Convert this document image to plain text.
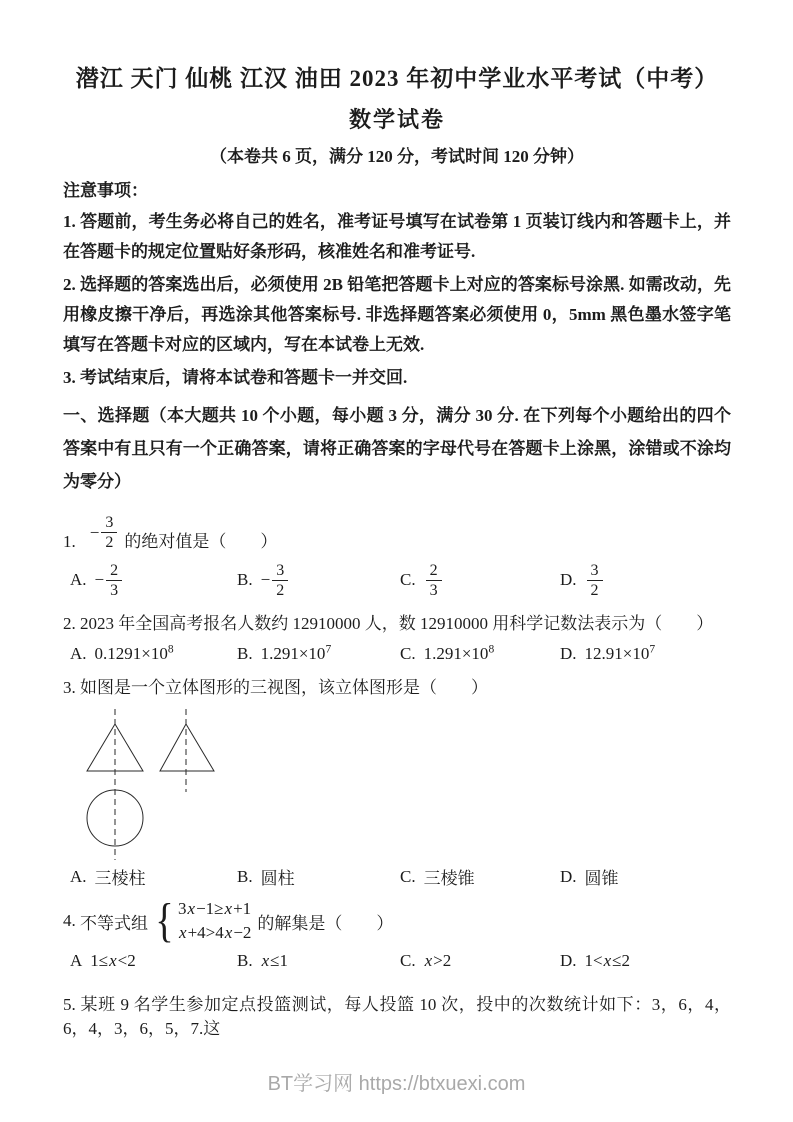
潜江 天门 仙桃 江汉 油田 2023 年初中学业水平考试（中考）
数学试卷
（本卷共 6 页，满分 120 分，考试时间 120 分钟）
注意事项：

1. 答题前，考生务必将自己的姓名，准考证号填写在试卷第 1 页装订线内和答题卡上，并在答题卡的规定位置贴好条形码，核准姓名和准考证号.

2. 选择题的答案选出后，必须使用 2B 铅笔把答题卡上对应的答案标号涂黑. 如需改动，先用橡皮擦干净后，再选涂其他答案标号. 非选择题答案必须使用 0，5mm 黑色墨水签字笔填写在答题卡对应的区域内，写在本试卷上无效.

3. 考试结束后，请将本试卷和答题卡一并交回.

一、选择题（本大题共 10 个小题，每小题 3 分，满分 30 分. 在下列每个小题给出的四个答案中有且只有一个正确答案，请将正确答案的字母代号在答题卡上涂黑，涂错或不涂均为零分）

1. − $\frac{3}{2}$ 的绝对值是（　　）
A. − $\frac{2}{3}$	B. − $\frac{3}{2}$	C. $\frac{2}{3}$	D. $\frac{3}{2}$

2. 2023 年全国高考报名人数约 12910000 人，数 12910000 用科学记数法表示为（　　）

A. $0.1291\times 10^8$	B. $1.291\times 10^7$	C. $1.291\times 10^8$	D. $12.91\times 10^7$

3. 如图是一个立体图形的三视图，该立体图形是（　　）

A. 三棱柱	B. 圆柱	C. 三棱锥	D. 圆锥
4.
不等式组 { 3x−1≥x+1
x+4>4x−2 的解集是（　　）
A 1≤x<2	B. x≤1	C. x>2	D. 1<x≤2

5. 某班 9 名学生参加定点投篮测试，每人投篮 10 次，投中的次数统计如下：3，6，4，6，4，3，6，5，7.这

BT学习网 https://btxuexi.com
